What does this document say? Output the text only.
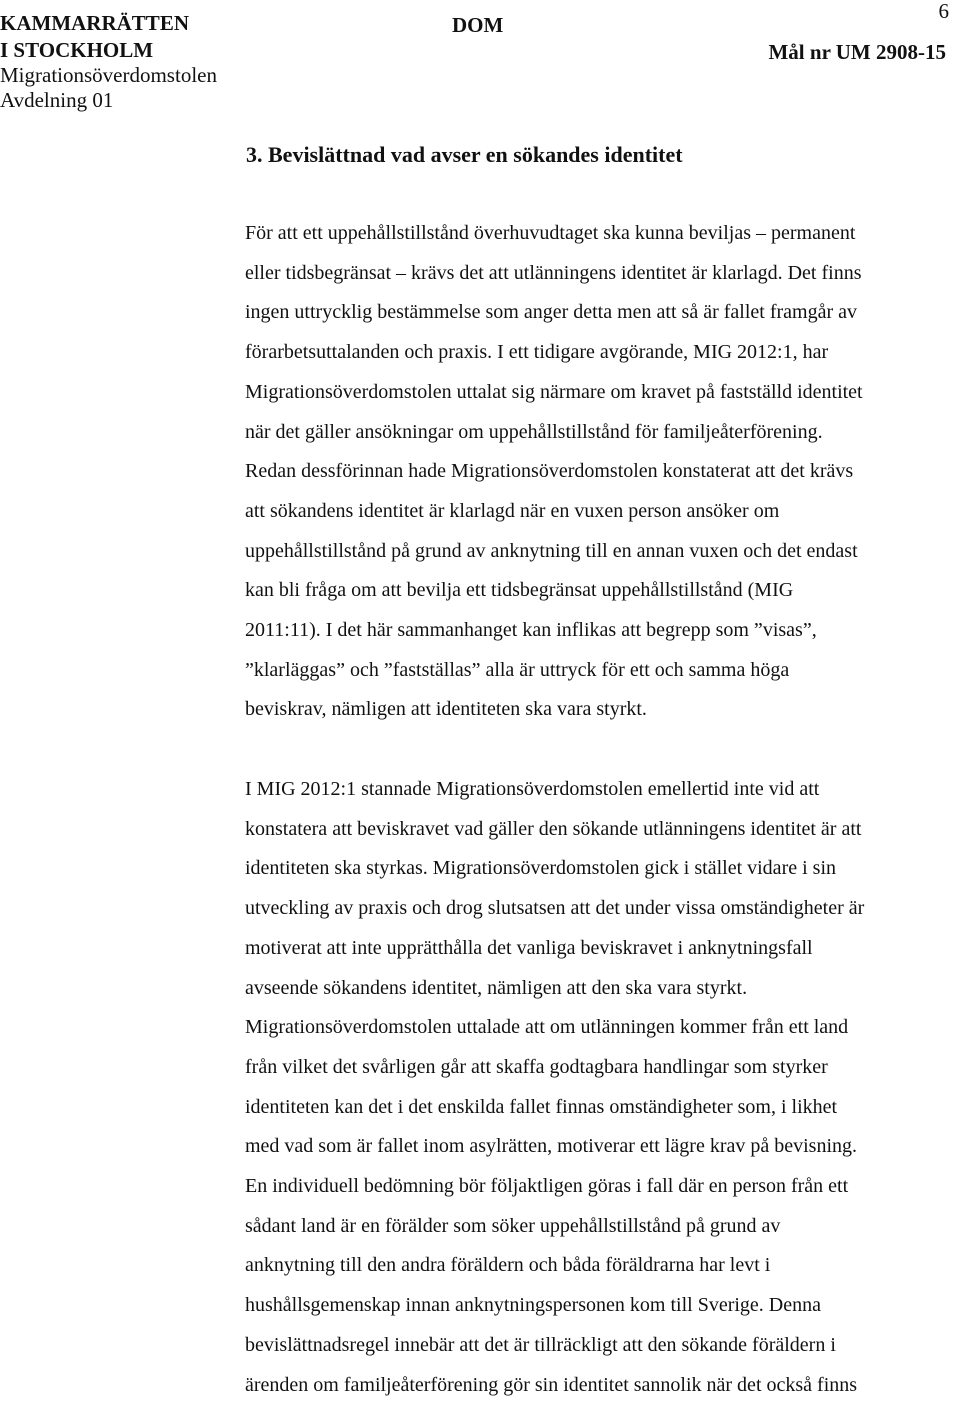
KAMMARRÄTTEN
I STOCKHOLM
Migrationsöverdomstolen
Avdelning 01
DOM
Mål nr UM 2908-15
6
3. Bevislättnad vad avser en sökandes identitet
För att ett uppehållstillstånd överhuvudtaget ska kunna beviljas – permanent
eller tidsbegränsat – krävs det att utlänningens identitet är klarlagd. Det finns
ingen uttrycklig bestämmelse som anger detta men att så är fallet framgår av
förarbetsuttalanden och praxis. I ett tidigare avgörande, MIG 2012:1, har
Migrationsöverdomstolen uttalat sig närmare om kravet på fastställd identitet
när det gäller ansökningar om uppehållstillstånd för familjeåterförening.
Redan dessförinnan hade Migrationsöverdomstolen konstaterat att det krävs
att sökandens identitet är klarlagd när en vuxen person ansöker om
uppehållstillstånd på grund av anknytning till en annan vuxen och det endast
kan bli fråga om att bevilja ett tidsbegränsat uppehållstillstånd (MIG
2011:11). I det här sammanhanget kan inflikas att begrepp som ”visas”,
”klarläggas” och ”fastställas” alla är uttryck för ett och samma höga
beviskrav, nämligen att identiteten ska vara styrkt.
I MIG 2012:1 stannade Migrationsöverdomstolen emellertid inte vid att
konstatera att beviskravet vad gäller den sökande utlänningens identitet är att
identiteten ska styrkas. Migrationsöverdomstolen gick i stället vidare i sin
utveckling av praxis och drog slutsatsen att det under vissa omständigheter är
motiverat att inte upprätthålla det vanliga beviskravet i anknytningsfall
avseende sökandens identitet, nämligen att den ska vara styrkt.
Migrationsöverdomstolen uttalade att om utlänningen kommer från ett land
från vilket det svårligen går att skaffa godtagbara handlingar som styrker
identiteten kan det i det enskilda fallet finnas omständigheter som, i likhet
med vad som är fallet inom asylrätten, motiverar ett lägre krav på bevisning.
En individuell bedömning bör följaktligen göras i fall där en person från ett
sådant land är en förälder som söker uppehållstillstånd på grund av
anknytning till den andra föräldern och båda föräldrarna har levt i
hushållsgemenskap innan anknytningspersonen kom till Sverige. Denna
bevislättnadsregel innebär att det är tillräckligt att den sökande föräldern i
ärenden om familjeåterförening gör sin identitet sannolik när det också finns
